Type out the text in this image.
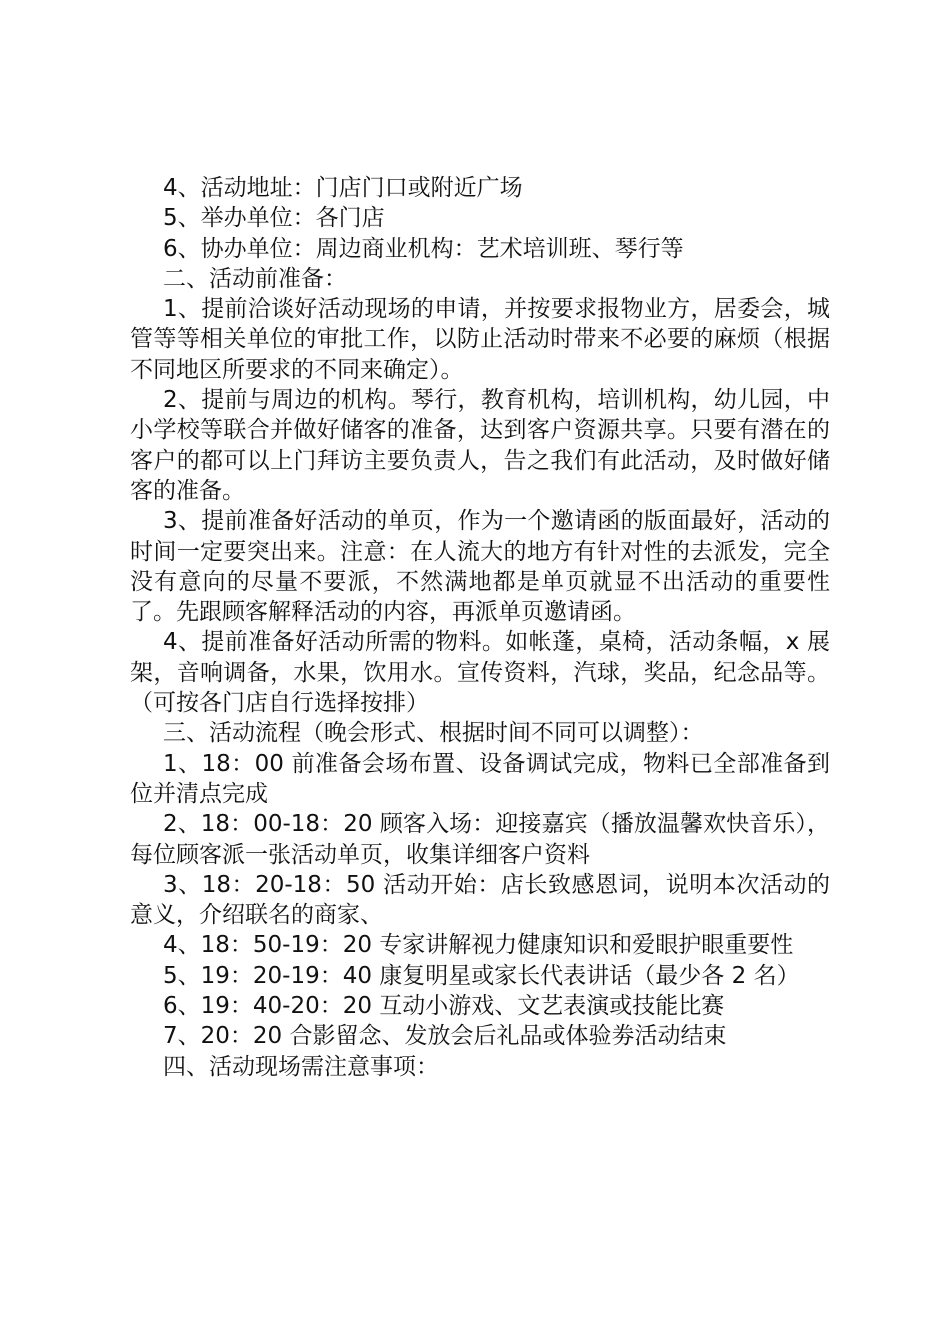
4、活动地址：门店门口或附近广场

5、举办单位：各门店

6、协办单位：周边商业机构：艺术培训班、琴行等

二、活动前准备：

1、提前洽谈好活动现场的申请，并按要求报物业方，居委会，城管等等相关单位的审批工作，以防止活动时带来不必要的麻烦（根据不同地区所要求的不同来确定）。

2、提前与周边的机构。琴行，教育机构，培训机构，幼儿园，中小学校等联合并做好储客的准备，达到客户资源共享。只要有潜在的客户的都可以上门拜访主要负责人，告之我们有此活动，及时做好储客的准备。

3、提前准备好活动的单页，作为一个邀请函的版面最好，活动的时间一定要突出来。注意：在人流大的地方有针对性的去派发，完全没有意向的尽量不要派，不然满地都是单页就显不出活动的重要性了。先跟顾客解释活动的内容，再派单页邀请函。

4、提前准备好活动所需的物料。如帐蓬，桌椅，活动条幅，x 展架，音响调备，水果，饮用水。宣传资料，汽球，奖品，纪念品等。（可按各门店自行选择按排）

三、活动流程（晚会形式、根据时间不同可以调整）：

1、18：00 前准备会场布置、设备调试完成，物料已全部准备到位并清点完成

2、18：00-18：20 顾客入场：迎接嘉宾（播放温馨欢快音乐），每位顾客派一张活动单页，收集详细客户资料

3、18：20-18：50 活动开始：店长致感恩词，说明本次活动的意义，介绍联名的商家、

4、18：50-19：20 专家讲解视力健康知识和爱眼护眼重要性

5、19：20-19：40 康复明星或家长代表讲话（最少各 2 名）

6、19：40-20：20 互动小游戏、文艺表演或技能比赛

7、20：20 合影留念、发放会后礼品或体验劵活动结束

四、活动现场需注意事项：
